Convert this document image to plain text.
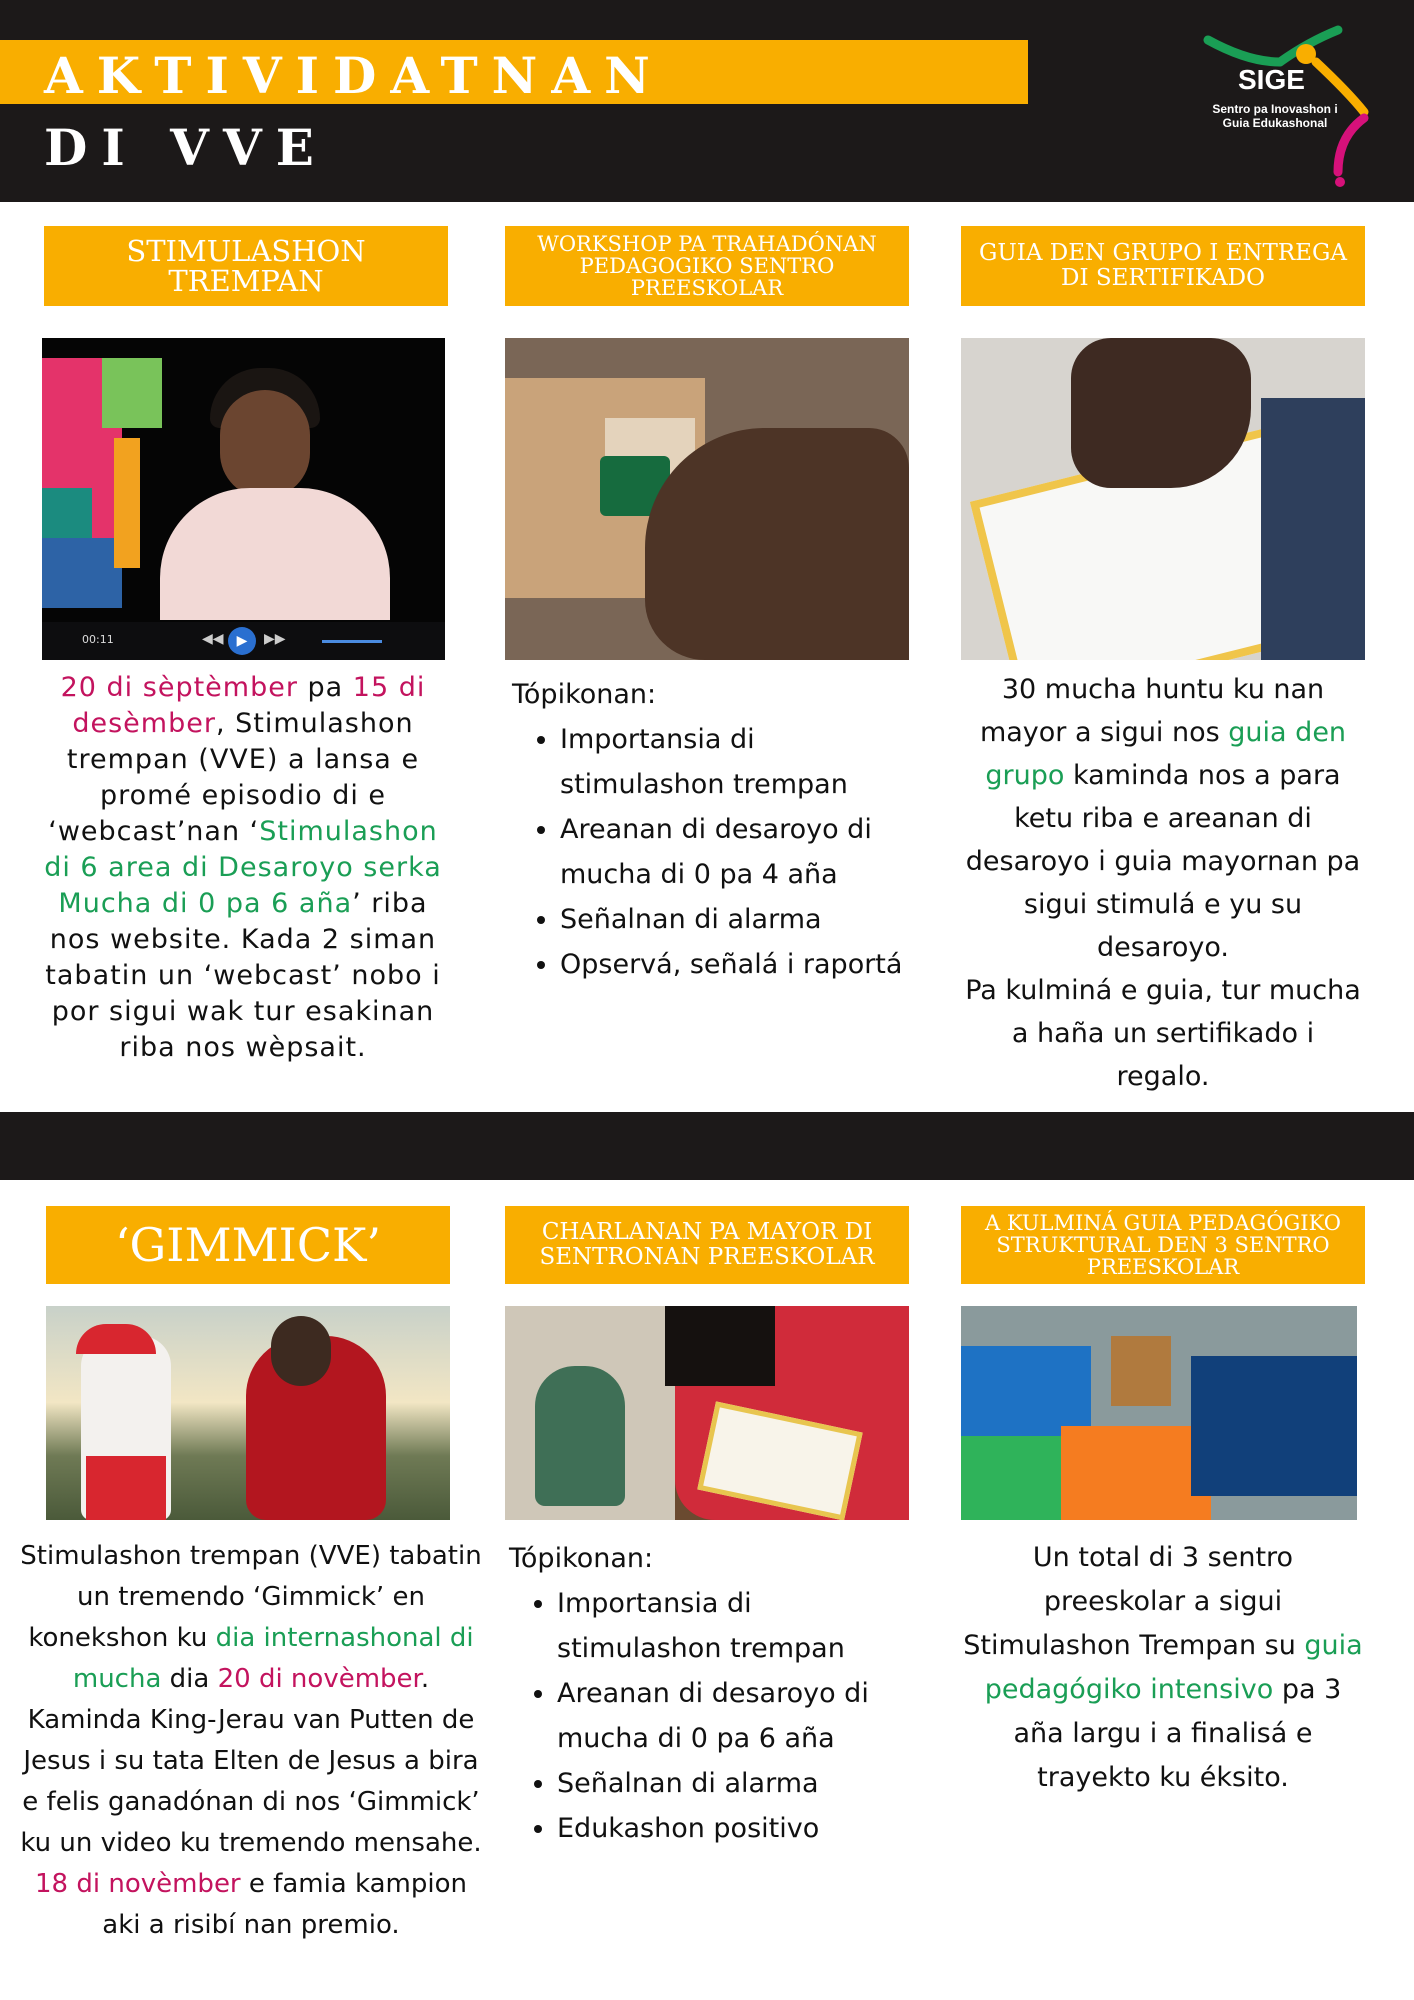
AKTIVIDATNAN
DI VVE
SIGE
Sentro pa Inovashon i Guia Edukashonal
STIMULASHON TREMPAN
00:11	▶
◀◀	▶▶
20 di sèptèmber pa 15 di desèmber, Stimulashon trempan (VVE) a lansa e promé episodio di e ‘webcast’nan ‘Stimulashon di 6 area di Desaroyo serka Mucha di 0 pa 6 aña’ riba nos website. Kada 2 siman tabatin un ‘webcast’ nobo i por sigui wak tur esakinan riba nos wèpsait.
WORKSHOP PA TRAHADÓNAN PEDAGOGIKO SENTRO PREESKOLAR
Tópikonan:
• Importansia di stimulashon trempan
• Areanan di desaroyo di mucha di 0 pa 4 aña
• Señalnan di alarma
• Opservá, señalá i raportá
GUIA DEN GRUPO I ENTREGA DI SERTIFIKADO
30 mucha huntu ku nan mayor a sigui nos guia den grupo kaminda nos a para ketu riba e areanan di desaroyo i guia mayornan pa sigui stimulá e yu su desaroyo.
Pa kulminá e guia, tur mucha a haña un sertifikado i regalo.
‘GIMMICK’
Stimulashon trempan (VVE) tabatin un tremendo ‘Gimmick’ en konekshon ku dia internashonal di mucha dia 20 di novèmber. Kaminda King-Jerau van Putten de Jesus i su tata Elten de Jesus a bira e felis ganadónan di nos ‘Gimmick’ ku un video ku tremendo mensahe.
18 di novèmber e famia kampion aki a risibí nan premio.
CHARLANAN PA MAYOR DI SENTRONAN PREESKOLAR
Tópikonan:
• Importansia di stimulashon trempan
• Areanan di desaroyo di mucha di 0 pa 6 aña
• Señalnan di alarma
• Edukashon positivo
A KULMINÁ GUIA PEDAGÓGIKO STRUKTURAL DEN 3 SENTRO PREESKOLAR
Un total di 3 sentro preeskolar a sigui Stimulashon Trempan su guia pedagógiko intensivo pa 3 aña largu i a finalisá e trayekto ku éksito.
